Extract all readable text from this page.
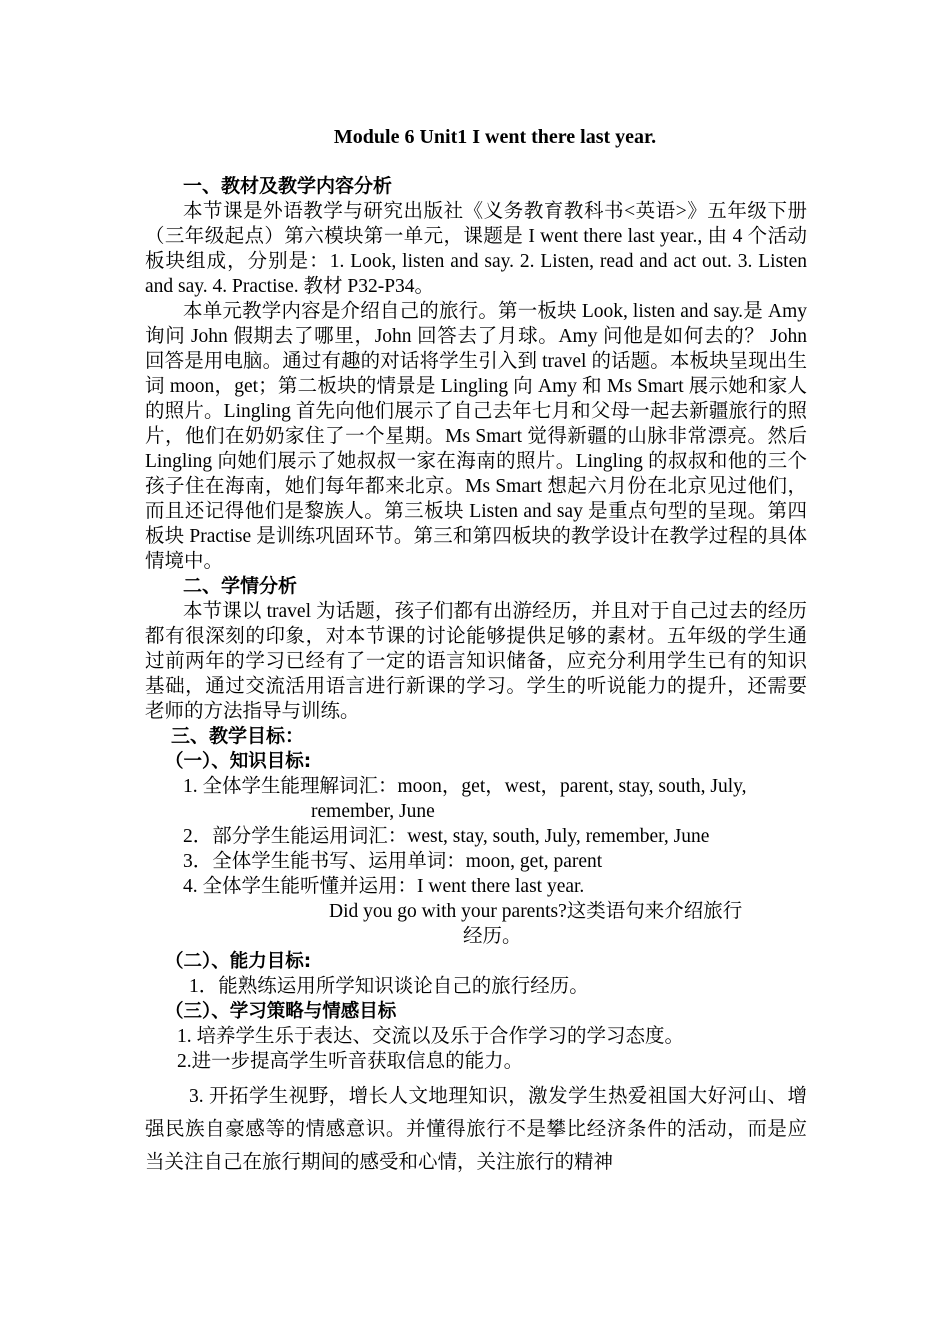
Module 6 Unit1 I went there last year.

一、教材及教学内容分析

本节课是外语教学与研究出版社《义务教育教科书<英语>》五年级下册（三年级起点）第六模块第一单元，课题是 I went there last year., 由 4 个活动板块组成，分别是：1. Look, listen and say. 2. Listen, read and act out. 3. Listen and say. 4. Practise. 教材 P32-P34。

本单元教学内容是介绍自己的旅行。第一板块 Look, listen and say.是 Amy 询问 John 假期去了哪里，John 回答去了月球。Amy 问他是如何去的？ John 回答是用电脑。通过有趣的对话将学生引入到 travel 的话题。本板块呈现出生词 moon，get；第二板块的情景是 Lingling 向 Amy 和 Ms Smart 展示她和家人的照片。Lingling 首先向他们展示了自己去年七月和父母一起去新疆旅行的照片，他们在奶奶家住了一个星期。Ms Smart 觉得新疆的山脉非常漂亮。然后 Lingling 向她们展示了她叔叔一家在海南的照片。Lingling 的叔叔和他的三个孩子住在海南，她们每年都来北京。Ms Smart 想起六月份在北京见过他们，而且还记得他们是黎族人。第三板块 Listen and say 是重点句型的呈现。第四板块 Practise 是训练巩固环节。第三和第四板块的教学设计在教学过程的具体情境中。

二、学情分析

本节课以 travel 为话题，孩子们都有出游经历，并且对于自己过去的经历都有很深刻的印象，对本节课的讨论能够提供足够的素材。五年级的学生通过前两年的学习已经有了一定的语言知识储备，应充分利用学生已有的知识基础，通过交流活用语言进行新课的学习。学生的听说能力的提升，还需要老师的方法指导与训练。

三、教学目标：

（一）、知识目标:

1. 全体学生能理解词汇：moon，get，west，parent, stay, south, July,
remember, June

2．部分学生能运用词汇：west, stay, south, July, remember, June

3．全体学生能书写、运用单词：moon, get, parent

4. 全体学生能听懂并运用：I went there last year.

Did you go with your parents?这类语句来介绍旅行

经历。

（二）、能力目标:

1．能熟练运用所学知识谈论自己的旅行经历。

（三）、学习策略与情感目标

1. 培养学生乐于表达、交流以及乐于合作学习的学习态度。

2.进一步提高学生听音获取信息的能力。

3. 开拓学生视野，增长人文地理知识，激发学生热爱祖国大好河山、增强民族自豪感等的情感意识。并懂得旅行不是攀比经济条件的活动，而是应当关注自己在旅行期间的感受和心情，关注旅行的精神
